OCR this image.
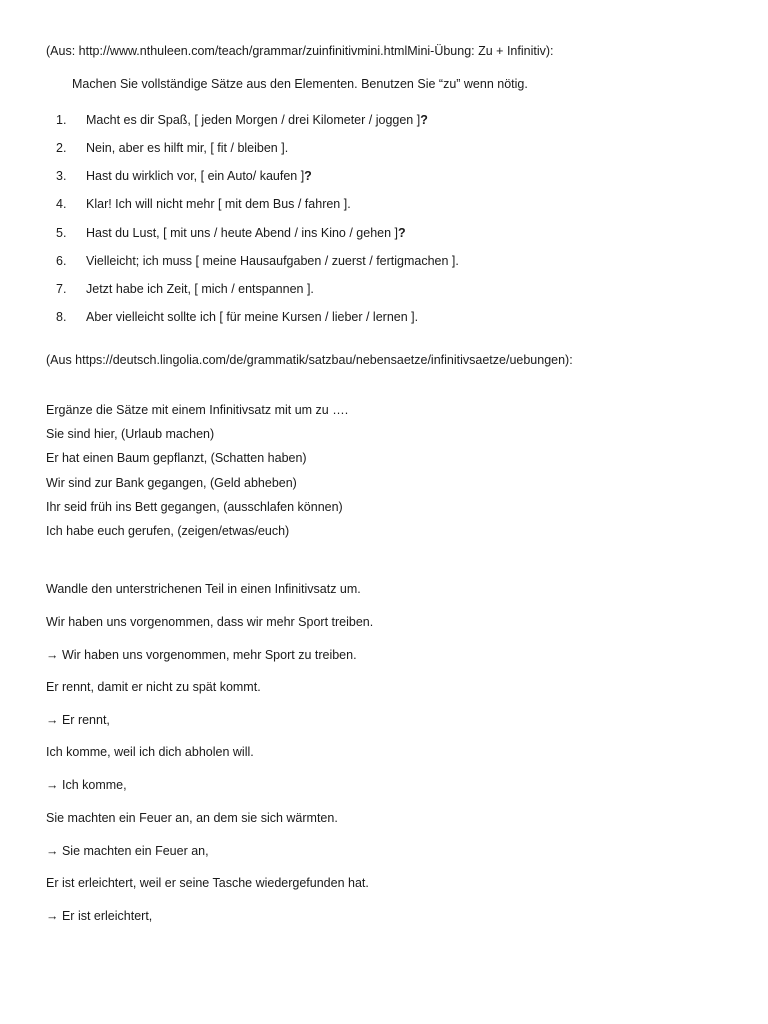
(Aus: http://www.nthuleen.com/teach/grammar/zuinfinitivmini.htmlMini-Übung: Zu + Infinitiv):
Machen Sie vollständige Sätze aus den Elementen. Benutzen Sie “zu” wenn nötig.
1.	Macht es dir Spaß, [ jeden Morgen / drei Kilometer / joggen ]?
2.	Nein, aber es hilft mir, [ fit / bleiben ].
3.	Hast du wirklich vor, [ ein Auto/ kaufen ]?
4.	Klar! Ich will nicht mehr [ mit dem Bus / fahren ].
5.	Hast du Lust, [ mit uns / heute Abend / ins Kino / gehen ]?
6.	Vielleicht; ich muss [ meine Hausaufgaben / zuerst / fertigmachen ].
7.	Jetzt habe ich Zeit, [ mich / entspannen ].
8.	Aber vielleicht sollte ich [ für meine Kursen / lieber / lernen ].
(Aus https://deutsch.lingolia.com/de/grammatik/satzbau/nebensaetze/infinitivsaetze/uebungen):
Ergänze die Sätze mit einem Infinitivsatz mit um zu ….
Sie sind hier, (Urlaub machen)
Er hat einen Baum gepflanzt, (Schatten haben)
Wir sind zur Bank gegangen, (Geld abheben)
Ihr seid früh ins Bett gegangen, (ausschlafen können)
Ich habe euch gerufen, (zeigen/etwas/euch)
Wandle den unterstrichenen Teil in einen Infinitivsatz um.
Wir haben uns vorgenommen, dass wir mehr Sport treiben.
→ Wir haben uns vorgenommen, mehr Sport zu treiben.
Er rennt, damit er nicht zu spät kommt.
→ Er rennt,
Ich komme, weil ich dich abholen will.
→ Ich komme,
Sie machten ein Feuer an, an dem sie sich wärmten.
→ Sie machten ein Feuer an,
Er ist erleichtert, weil er seine Tasche wiedergefunden hat.
→ Er ist erleichtert,
